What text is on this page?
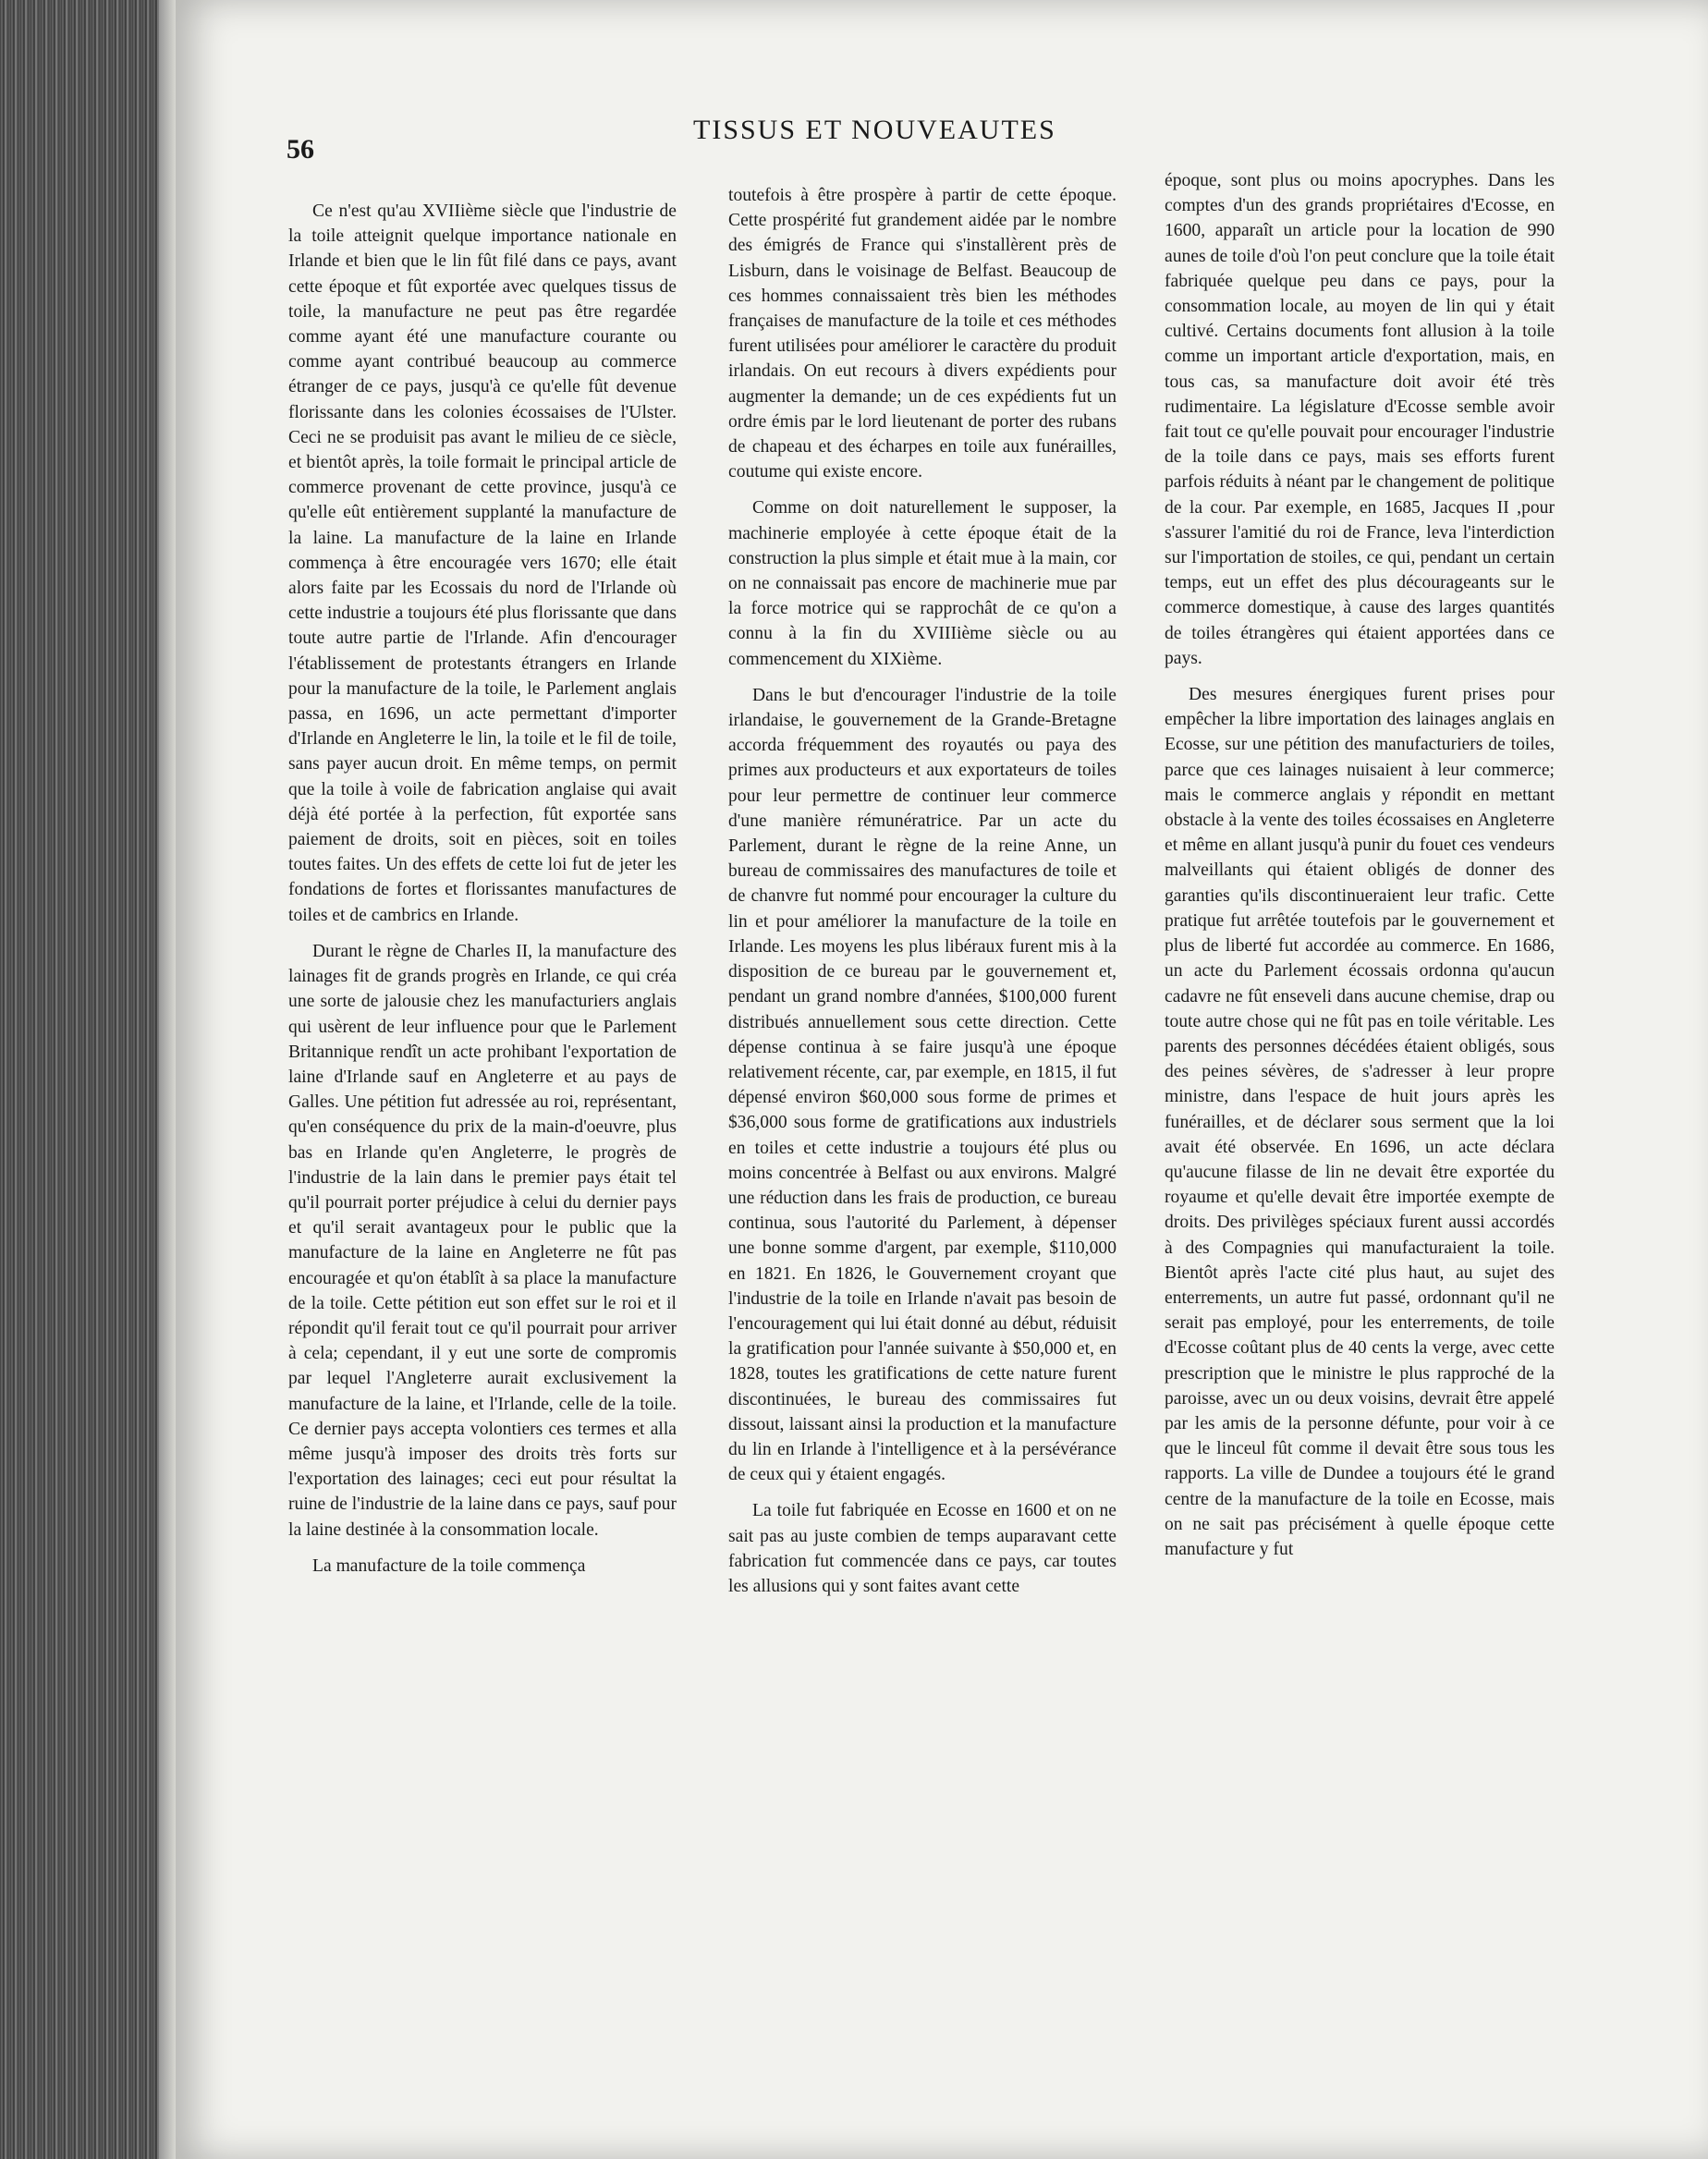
56
TISSUS ET NOUVEAUTES

Ce n'est qu'au XVIIième siècle que l'industrie de la toile atteignit quelque importance nationale en Irlande et bien que le lin fût filé dans ce pays, avant cette époque et fût exportée avec quelques tissus de toile, la manufacture ne peut pas être regardée comme ayant été une manufacture courante ou comme ayant contribué beaucoup au commerce étranger de ce pays, jusqu'à ce qu'elle fût devenue florissante dans les colonies écossaises de l'Ulster. Ceci ne se produisit pas avant le milieu de ce siècle, et bientôt après, la toile formait le principal article de commerce provenant de cette province, jusqu'à ce qu'elle eût entièrement supplanté la manufacture de la laine. La manufacture de la laine en Irlande commença à être encouragée vers 1670; elle était alors faite par les Ecossais du nord de l'Irlande où cette industrie a toujours été plus florissante que dans toute autre partie de l'Irlande. Afin d'encourager l'établissement de protestants étrangers en Irlande pour la manufacture de la toile, le Parlement anglais passa, en 1696, un acte permettant d'importer d'Irlande en Angleterre le lin, la toile et le fil de toile, sans payer aucun droit. En même temps, on permit que la toile à voile de fabrication anglaise qui avait déjà été portée à la perfection, fût exportée sans paiement de droits, soit en pièces, soit en toiles toutes faites. Un des effets de cette loi fut de jeter les fondations de fortes et florissantes manufactures de toiles et de cambrics en Irlande.

Durant le règne de Charles II, la manufacture des lainages fit de grands progrès en Irlande, ce qui créa une sorte de jalousie chez les manufacturiers anglais qui usèrent de leur influence pour que le Parlement Britannique rendît un acte prohibant l'exportation de laine d'Irlande sauf en Angleterre et au pays de Galles. Une pétition fut adressée au roi, représentant, qu'en conséquence du prix de la main-d'oeuvre, plus bas en Irlande qu'en Angleterre, le progrès de l'industrie de la lain dans le premier pays était tel qu'il pourrait porter préjudice à celui du dernier pays et qu'il serait avantageux pour le public que la manufacture de la laine en Angleterre ne fût pas encouragée et qu'on établît à sa place la manufacture de la toile. Cette pétition eut son effet sur le roi et il répondit qu'il ferait tout ce qu'il pourrait pour arriver à cela; cependant, il y eut une sorte de compromis par lequel l'Angleterre aurait exclusivement la manufacture de la laine, et l'Irlande, celle de la toile. Ce dernier pays accepta volontiers ces termes et alla même jusqu'à imposer des droits très forts sur l'exportation des lainages; ceci eut pour résultat la ruine de l'industrie de la laine dans ce pays, sauf pour la laine destinée à la consommation locale.

La manufacture de la toile commença

toutefois à être prospère à partir de cette époque. Cette prospérité fut grandement aidée par le nombre des émigrés de France qui s'installèrent près de Lisburn, dans le voisinage de Belfast. Beaucoup de ces hommes connaissaient très bien les méthodes françaises de manufacture de la toile et ces méthodes furent utilisées pour améliorer le caractère du produit irlandais. On eut recours à divers expédients pour augmenter la demande; un de ces expédients fut un ordre émis par le lord lieutenant de porter des rubans de chapeau et des écharpes en toile aux funérailles, coutume qui existe encore.

Comme on doit naturellement le supposer, la machinerie employée à cette époque était de la construction la plus simple et était mue à la main, cor on ne connaissait pas encore de machinerie mue par la force motrice qui se rapprochât de ce qu'on a connu à la fin du XVIIIième siècle ou au commencement du XIXième.

Dans le but d'encourager l'industrie de la toile irlandaise, le gouvernement de la Grande-Bretagne accorda fréquemment des royautés ou paya des primes aux producteurs et aux exportateurs de toiles pour leur permettre de continuer leur commerce d'une manière rémunératrice. Par un acte du Parlement, durant le règne de la reine Anne, un bureau de commissaires des manufactures de toile et de chanvre fut nommé pour encourager la culture du lin et pour améliorer la manufacture de la toile en Irlande. Les moyens les plus libéraux furent mis à la disposition de ce bureau par le gouvernement et, pendant un grand nombre d'années, $100,000 furent distribués annuellement sous cette direction. Cette dépense continua à se faire jusqu'à une époque relativement récente, car, par exemple, en 1815, il fut dépensé environ $60,000 sous forme de primes et $36,000 sous forme de gratifications aux industriels en toiles et cette industrie a toujours été plus ou moins concentrée à Belfast ou aux environs. Malgré une réduction dans les frais de production, ce bureau continua, sous l'autorité du Parlement, à dépenser une bonne somme d'argent, par exemple, $110,000 en 1821. En 1826, le Gouvernement croyant que l'industrie de la toile en Irlande n'avait pas besoin de l'encouragement qui lui était donné au début, réduisit la gratification pour l'année suivante à $50,000 et, en 1828, toutes les gratifications de cette nature furent discontinuées, le bureau des commissaires fut dissout, laissant ainsi la production et la manufacture du lin en Irlande à l'intelligence et à la persévérance de ceux qui y étaient engagés.

La toile fut fabriquée en Ecosse en 1600 et on ne sait pas au juste combien de temps auparavant cette fabrication fut commencée dans ce pays, car toutes les allusions qui y sont faites avant cette

époque, sont plus ou moins apocryphes. Dans les comptes d'un des grands propriétaires d'Ecosse, en 1600, apparaît un article pour la location de 990 aunes de toile d'où l'on peut conclure que la toile était fabriquée quelque peu dans ce pays, pour la consommation locale, au moyen de lin qui y était cultivé. Certains documents font allusion à la toile comme un important article d'exportation, mais, en tous cas, sa manufacture doit avoir été très rudimentaire. La législature d'Ecosse semble avoir fait tout ce qu'elle pouvait pour encourager l'industrie de la toile dans ce pays, mais ses efforts furent parfois réduits à néant par le changement de politique de la cour. Par exemple, en 1685, Jacques II ,pour s'assurer l'amitié du roi de France, leva l'interdiction sur l'importation de stoiles, ce qui, pendant un certain temps, eut un effet des plus décourageants sur le commerce domestique, à cause des larges quantités de toiles étrangères qui étaient apportées dans ce pays.

Des mesures énergiques furent prises pour empêcher la libre importation des lainages anglais en Ecosse, sur une pétition des manufacturiers de toiles, parce que ces lainages nuisaient à leur commerce; mais le commerce anglais y répondit en mettant obstacle à la vente des toiles écossaises en Angleterre et même en allant jusqu'à punir du fouet ces vendeurs malveillants qui étaient obligés de donner des garanties qu'ils discontinueraient leur trafic. Cette pratique fut arrêtée toutefois par le gouvernement et plus de liberté fut accordée au commerce. En 1686, un acte du Parlement écossais ordonna qu'aucun cadavre ne fût enseveli dans aucune chemise, drap ou toute autre chose qui ne fût pas en toile véritable. Les parents des personnes décédées étaient obligés, sous des peines sévères, de s'adresser à leur propre ministre, dans l'espace de huit jours après les funérailles, et de déclarer sous serment que la loi avait été observée. En 1696, un acte déclara qu'aucune filasse de lin ne devait être exportée du royaume et qu'elle devait être importée exempte de droits. Des privilèges spéciaux furent aussi accordés à des Compagnies qui manufacturaient la toile. Bientôt après l'acte cité plus haut, au sujet des enterrements, un autre fut passé, ordonnant qu'il ne serait pas employé, pour les enterrements, de toile d'Ecosse coûtant plus de 40 cents la verge, avec cette prescription que le ministre le plus rapproché de la paroisse, avec un ou deux voisins, devrait être appelé par les amis de la personne défunte, pour voir à ce que le linceul fût comme il devait être sous tous les rapports. La ville de Dundee a toujours été le grand centre de la manufacture de la toile en Ecosse, mais on ne sait pas précisément à quelle époque cette manufacture y fut
